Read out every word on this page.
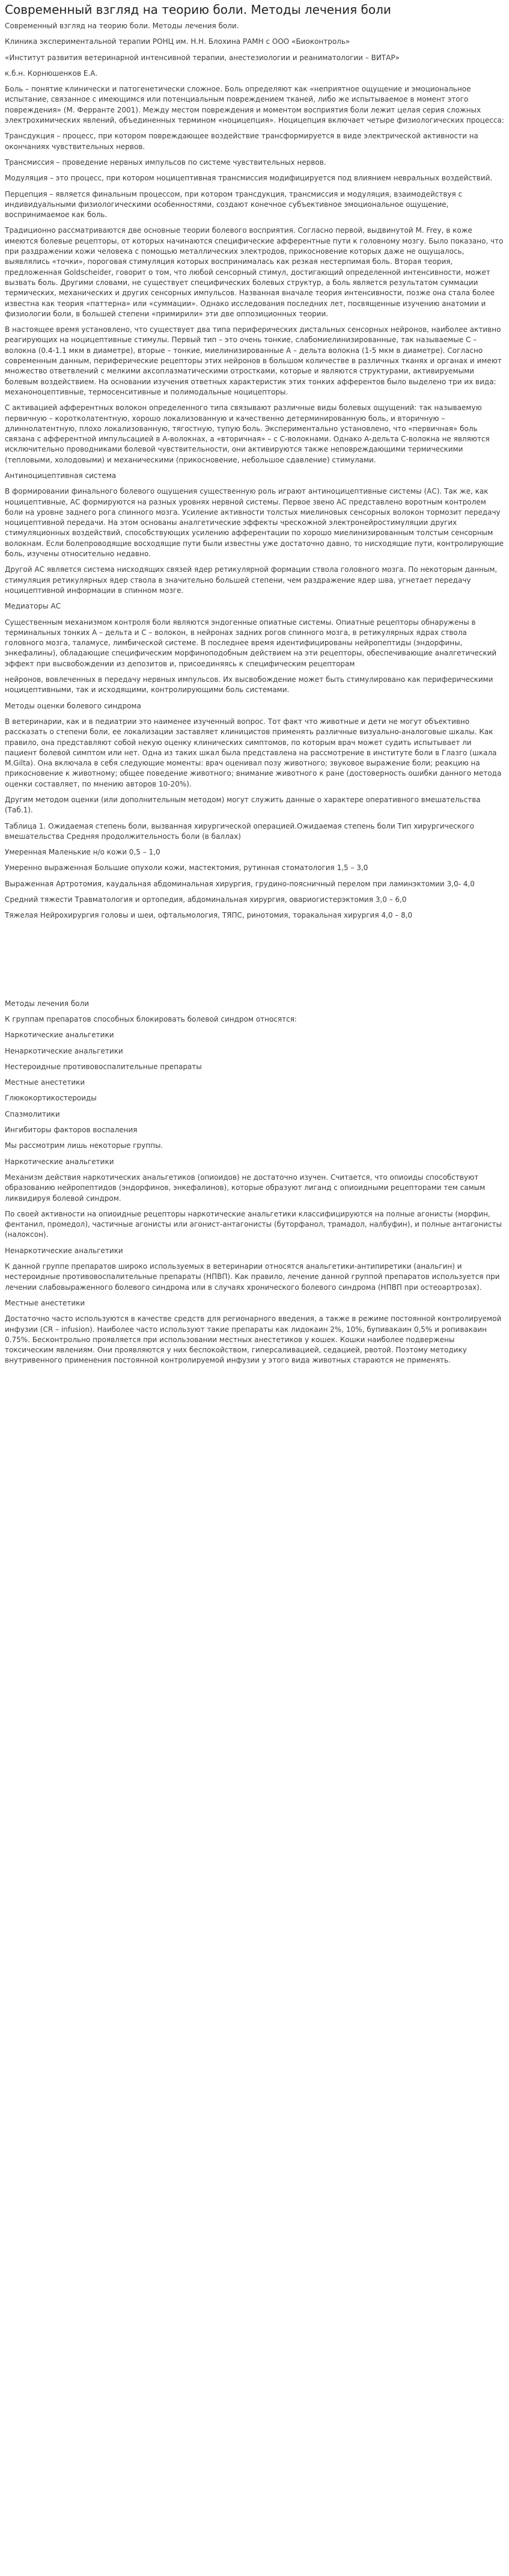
Современный взгляд на теорию боли. Методы лечения боли

Современный взгляд на теорию боли. Методы лечения боли.

Клиника экспериментальной терапии РОНЦ им. Н.Н. Блохина РАМН с ООО «Биоконтроль»

«Институт развития ветеринарной интенсивной терапии, анестезиологии и реаниматологии – ВИТАР»

к.б.н. Корнюшенков Е.А.

Боль – понятие клинически и патогенетически сложное. Боль определяют как «неприятное ощущение и эмоциональное испытание, связанное с имеющимся или потенциальным повреждением тканей, либо же испытываемое в момент этого повреждения» (М. Ферранте 2001). Между местом повреждения и моментом восприятия боли лежит целая серия сложных электрохимических явлений, объединенных термином «ноцицепция». Ноцицепция включает четыре физиологических процесса:

Трансдукция – процесс, при котором повреждающее воздействие трансформируется в виде электрической активности на окончаниях чувствительных нервов.

Трансмиссия – проведение нервных импульсов по системе чувствительных нервов.

Модуляция – это процесс, при котором ноцицептивная трансмиссия модифицируется под влиянием невральных воздействий.

Перцепция – является финальным процессом, при котором трансдукция, трансмиссия и модуляция, взаимодействуя с индивидуальными физиологическими особенностями, создают конечное субъективное эмоциональное ощущение, воспринимаемое как боль.

Традиционно рассматриваются две основные теории болевого восприятия. Согласно первой, выдвинутой M. Frey, в коже имеются болевые рецепторы, от которых начинаются специфические афферентные пути к головному мозгу. Было показано, что при раздражении кожи человека с помощью металлических электродов, прикосновение которых даже не ощущалось, выявлялись «точки», пороговая стимуляция которых воспринималась как резкая нестерпимая боль. Вторая теория, предложенная Goldscheider, говорит о том, что любой сенсорный стимул, достигающий определенной интенсивности, может вызвать боль. Другими словами, не существует специфических болевых структур, а боль является результатом суммации термических, механических и других сенсорных импульсов. Названная вначале теория интенсивности, позже она стала более известна как теория «паттерна» или «суммации». Однако исследования последних лет, посвященные изучению анатомии и физиологии боли, в большей степени «примирили» эти две оппозиционных теории.

В настоящее время установлено, что существует два типа периферических дистальных сенсорных нейронов, наиболее активно реагирующих на ноцицептивные стимулы. Первый тип – это очень тонкие, слабомиелинизированные, так называемые С – волокна (0.4-1.1 мкм в диаметре), вторые – тонкие, миелинизированные А – дельта волокна (1-5 мкм в диаметре). Согласно современным данным, периферические рецепторы этих нейронов в большом количестве в различных тканях и органах и имеют множество ответвлений с мелкими аксоплазматическими отростками, которые и являются структурами, активируемыми болевым воздействием. На основании изучения ответных характеристик этих тонких афферентов было выделено три их вида: механоноцептивные, термосенситивные и полимодальные ноцицепторы.

С активацией афферентных волокон определенного типа связывают различные виды болевых ощущений: так называемую первичную – коротколатентную, хорошо локализованную и качественно детерминированную боль, и вторичную – длиннолатентную, плохо локализованную, тягостную, тупую боль. Экспериментально установлено, что «первичная» боль связана с афферентной импульсацией в А-волокнах, а «вторичная» – с С-волокнами. Однако А-дельта С-волокна не являются исключительно проводниками болевой чувствительности, они активируются также неповреждающими термическими (тепловыми, холодовыми) и механическими (прикосновение, небольшое сдавление) стимулами.

Антиноцицептивная система

В формировании финального болевого ощущения существенную роль играют антиноцицептивные системы (АС). Так же, как ноцицептивные, АС формируются на разных уровнях нервной системы. Первое звено АС представлено воротным контролем боли на уровне заднего рога спинного мозга. Усиление активности толстых миелиновых сенсорных волокон тормозит передачу ноцицептивной передачи. На этом основаны аналгетические эффекты чрескожной электронейростимуляции других стимуляционных воздействий, способствующих усилению афферентации по хорошо миелинизированным толстым сенсорным волокнам. Если болепроводящие восходящие пути были известны уже достаточно давно, то нисходящие пути, контролирующие боль, изучены относительно недавно.

Другой АС является система нисходящих связей ядер ретикулярной формации ствола головного мозга. По некоторым данным, стимуляция ретикулярных ядер ствола в значительно большей степени, чем раздражение ядер шва, угнетает передачу ноцицептивной информации в спинном мозге.

Медиаторы АС

Существенным механизмом контроля боли являются эндогенные опиатные системы. Опиатные рецепторы обнаружены в терминальных тонких А – дельта и С – волокон, в нейронах задних рогов спинного мозга, в ретикулярных ядрах ствола головного мозга, таламусе, лимбической системе. В последнее время идентифицированы нейропептиды (эндорфины, энкефалины), обладающие специфическим морфиноподобным действием на эти рецепторы, обеспечивающие аналгетический эффект при высвобождении из депозитов и, присоединяясь к специфическим рецепторам

нейронов, вовлеченных в передачу нервных импульсов. Их высвобождение может быть стимулировано как периферическими ноцицептивными, так и исходящими, контролирующими боль системами.

Методы оценки болевого синдрома

В ветеринарии, как и в педиатрии это наименее изученный вопрос. Тот факт что животные и дети не могут объективно рассказать о степени боли, ее локализации заставляет клиницистов применять различные визуально-аналоговые шкалы. Как правило, она представляют собой некую оценку клинических симптомов, по которым врач может судить испытывает ли пациент болевой симптом или нет. Одна из таких шкал была представлена на рассмотрение в институте боли в Глазго (шкала M.Gilta). Она включала в себя следующие моменты: врач оценивал позу животного; звуковое выражение боли; реакцию на прикосновение к животному; общее поведение животного; внимание животного к ране (достоверность ошибки данного метода оценки составляет, по мнению авторов 10-20%).

Другим методом оценки (или дополнительным методом) могут служить данные о характере оперативного вмешательства (Таб.1).

Таблица 1. Ожидаемая степень боли, вызванная хирургической операцией.Ожидаемая степень боли Тип хирургического вмешательства Средняя продолжительность боли (в баллах)

Умеренная Маленькие н/о кожи 0,5 – 1,0

Умеренно выраженная Большие опухоли кожи, мастектомия, рутинная стоматология 1,5 – 3,0

Выраженная Артротомия, каудальная абдоминальная хирургия, грудино-поясничный перелом при ламинэктомии 3,0- 4,0

Средний тяжести Травматология и ортопедия, абдоминальная хирургия, овариогистерэктомия 3,0 – 6,0

Тяжелая Нейрохирургия головы и шеи, офтальмология, ТЯПС, ринотомия, торакальная хирургия 4,0 – 8,0

Методы лечения боли

К группам препаратов способных блокировать болевой синдром относятся:

Наркотические анальгетики

Ненаркотические анальгетики

Нестероидные противовоспалительные препараты

Местные анестетики

Глюкокортикостероиды

Спазмолитики

Ингибиторы факторов воспаления

Мы рассмотрим лишь некоторые группы.

Наркотические анальгетики

Механизм действия наркотических анальгетиков (опиоидов) не достаточно изучен. Считается, что опиоиды способствуют образованию нейропептидов (эндорфинов, энкефалинов), которые образуют лиганд с опиоидными рецепторами тем самым ликвидируя болевой синдром.

По своей активности на опиоидные рецепторы наркотические анальгетики классифицируются на полные агонисты (морфин, фентанил, промедол), частичные агонисты или агонист-антагонисты (буторфанол, трамадол, налбуфин), и полные антагонисты (налоксон).

Ненаркотические анальгетики

К данной группе препаратов широко используемых в ветеринарии относятся анальгетики-антипиретики (анальгин) и нестероидные противовоспалительные препараты (НПВП). Как правило, лечение данной группой препаратов используется при лечении слабовыраженного болевого синдрома или в случаях хронического болевого синдрома (НПВП при остеоартрозах).

Местные анестетики

Достаточно часто используются в качестве средств для регионарного введения, а также в режиме постоянной контролируемой инфузии (CR – infusion). Наиболее часто используют такие препараты как лидокаин 2%, 10%, бупивакаин 0,5% и ропивакаин 0.75%. Бесконтрольно проявляется при использовании местных анестетиков у кошек. Кошки наиболее подвержены токсическим явлениям. Они проявляются у них беспокойством, гиперсаливацией, седацией, рвотой. Поэтому методику внутривенного применения постоянной контролируемой инфузии у этого вида животных стараются не применять.
